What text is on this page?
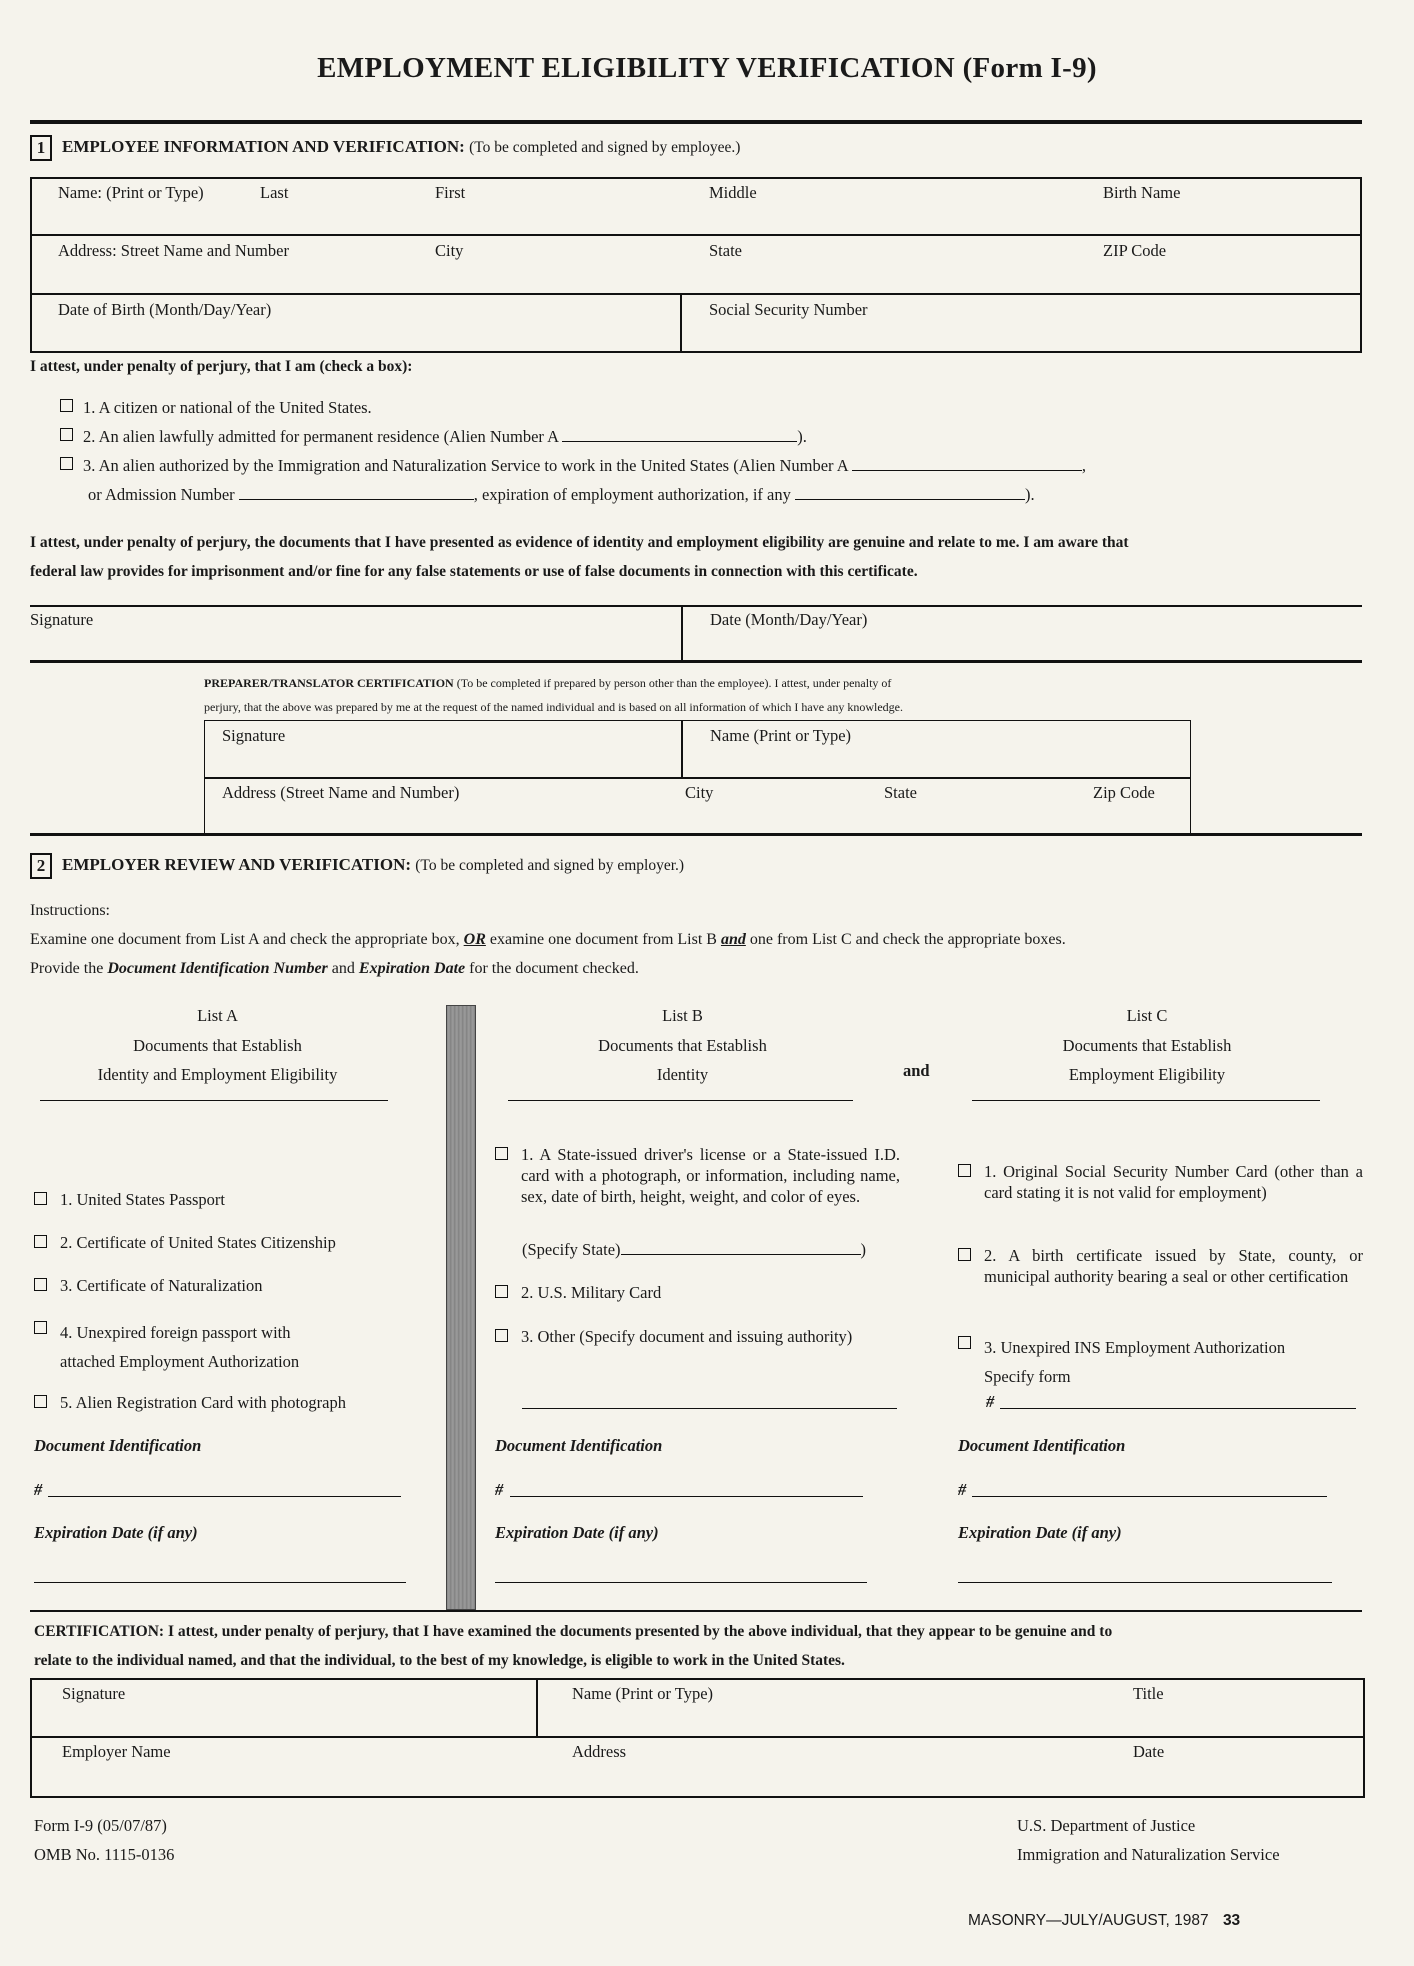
EMPLOYMENT ELIGIBILITY VERIFICATION (Form I-9)
1 EMPLOYEE INFORMATION AND VERIFICATION: (To be completed and signed by employee.)
Name: (Print or Type)	Last	First	Middle	Birth Name
Address: Street Name and Number	City	State	ZIP Code
Date of Birth (Month/Day/Year)	Social Security Number
I attest, under penalty of perjury, that I am (check a box):
1. A citizen or national of the United States.
2. An alien lawfully admitted for permanent residence (Alien Number A	).
3. An alien authorized by the Immigration and Naturalization Service to work in the United States (Alien Number A	,
or Admission Number	, expiration of employment authorization, if any	).
I attest, under penalty of perjury, the documents that I have presented as evidence of identity and employment eligibility are genuine and relate to me. I am aware that
federal law provides for imprisonment and/or fine for any false statements or use of false documents in connection with this certificate.
Signature	Date (Month/Day/Year)
PREPARER/TRANSLATOR CERTIFICATION (To be completed if prepared by person other than the employee). I attest, under penalty of
perjury, that the above was prepared by me at the request of the named individual and is based on all information of which I have any knowledge.
Signature	Name (Print or Type)
Address (Street Name and Number)	City	State	Zip Code
2 EMPLOYER REVIEW AND VERIFICATION: (To be completed and signed by employer.)
Instructions:
Examine one document from List A and check the appropriate box, OR examine one document from List B and one from List C and check the appropriate boxes.
Provide the Document Identification Number and Expiration Date for the document checked.
List A
Documents that Establish
Identity and Employment Eligibility
List B
Documents that Establish
Identity	and
List C
Documents that Establish
Employment Eligibility
1. United States Passport
2. Certificate of United States Citizenship
3. Certificate of Naturalization
4. Unexpired foreign passport with
attached Employment Authorization
5. Alien Registration Card with photograph
1. A State-issued driver's license or a State-issued I.D. card with a photograph, or information, including name, sex, date of birth, height, weight, and color of eyes.
(Specify State)	)
2. U.S. Military Card
3. Other (Specify document and issuing authority)
1. Original Social Security Number Card (other than a card stating it is not valid for employment)
2. A birth certificate issued by State, county, or municipal authority bearing a seal or other certification
3. Unexpired INS Employment Authorization
Specify form
#
Document Identification
#
Expiration Date (if any)
Document Identification
#
Expiration Date (if any)
Document Identification
#
Expiration Date (if any)
CERTIFICATION: I attest, under penalty of perjury, that I have examined the documents presented by the above individual, that they appear to be genuine and to
relate to the individual named, and that the individual, to the best of my knowledge, is eligible to work in the United States.
Signature	Name (Print or Type)	Title
Employer Name	Address	Date
Form I-9 (05/07/87)
OMB No. 1115-0136
U.S. Department of Justice
Immigration and Naturalization Service
MASONRY—JULY/AUGUST, 1987 33
